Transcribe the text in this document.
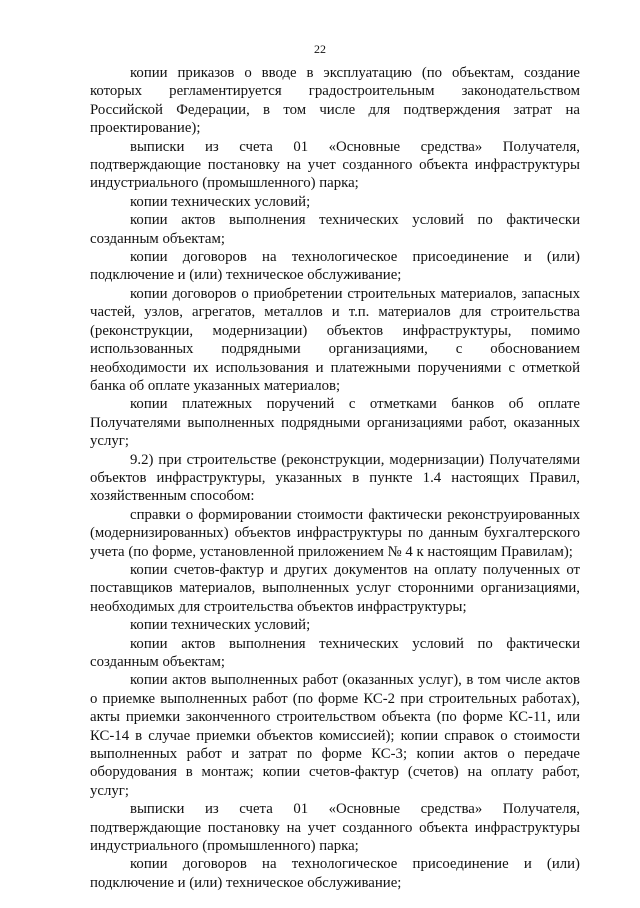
22

копии приказов о вводе в эксплуатацию (по объектам, создание которых регламентируется градостроительным законодательством Российской Федерации, в том числе для подтверждения затрат на проектирование);

выписки из счета 01 «Основные средства» Получателя, подтверждающие постановку на учет созданного объекта инфраструктуры индустриального (промышленного) парка;

копии технических условий;

копии актов выполнения технических условий по фактически созданным объектам;

копии договоров на технологическое присоединение и (или) подключение и (или) техническое обслуживание;

копии договоров о приобретении строительных материалов, запасных частей, узлов, агрегатов, металлов и т.п. материалов для строительства (реконструкции, модернизации) объектов инфраструктуры, помимо использованных подрядными организациями, с обоснованием необходимости их использования и платежными поручениями с отметкой банка об оплате указанных материалов;

копии платежных поручений с отметками банков об оплате Получателями выполненных подрядными организациями работ, оказанных услуг;

9.2) при строительстве (реконструкции, модернизации) Получателями объектов инфраструктуры, указанных в пункте 1.4 настоящих Правил, хозяйственным способом:

справки о формировании стоимости фактически реконструированных (модернизированных) объектов инфраструктуры по данным бухгалтерского учета (по форме, установленной приложением № 4 к настоящим Правилам);

копии счетов-фактур и других документов на оплату полученных от поставщиков материалов, выполненных услуг сторонними организациями, необходимых для строительства объектов инфраструктуры;

копии технических условий;

копии актов выполнения технических условий по фактически созданным объектам;

копии актов выполненных работ (оказанных услуг), в том числе актов о приемке выполненных работ (по форме КС-2 при строительных работах), акты приемки законченного строительством объекта (по форме КС-11, или КС-14 в случае приемки объектов комиссией); копии справок о стоимости выполненных работ и затрат по форме КС-3; копии актов о передаче оборудования в монтаж; копии счетов-фактур (счетов) на оплату работ, услуг;

выписки из счета 01 «Основные средства» Получателя, подтверждающие постановку на учет созданного объекта инфраструктуры индустриального (промышленного) парка;

копии договоров на технологическое присоединение и (или) подключение и (или) техническое обслуживание;
